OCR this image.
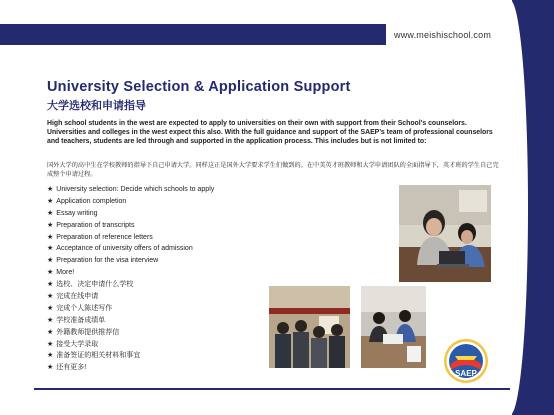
www.meishischool.com
University Selection & Application Support
大学选校和申请指导

High school students in the west are expected to apply to universities on their own with support from their School’s counselors. Universities and colleges in the west expect this also. With the full guidance and support of the SAEP’s team of professional counselors and teachers, students are led through and supported in the application process. This includes but is not limited to:

国外大学的高中生在学校教师的指导下自己申请大学。同样这正是国外大学要求学生们做到的。在中美英才班教师和大学申请团队的全面指导下，英才班的学生自己完成整个申请过程。

★ University selection: Decide which schools to apply
★ Application completion
★ Essay writing
★ Preparation of transcripts
★ Preparation of reference letters
★ Acceptance of university offers of admission
★ Preparation for the visa interview
★ More!
★ 选校、决定申请什么学校
★ 完成在线申请
★ 完成个人陈述写作
★ 学校准备成绩单
★ 外籍教师提供推荐信
★ 接受大学录取
★ 准备签证的相关材料和事宜
★ 还有更多!
SAEP
